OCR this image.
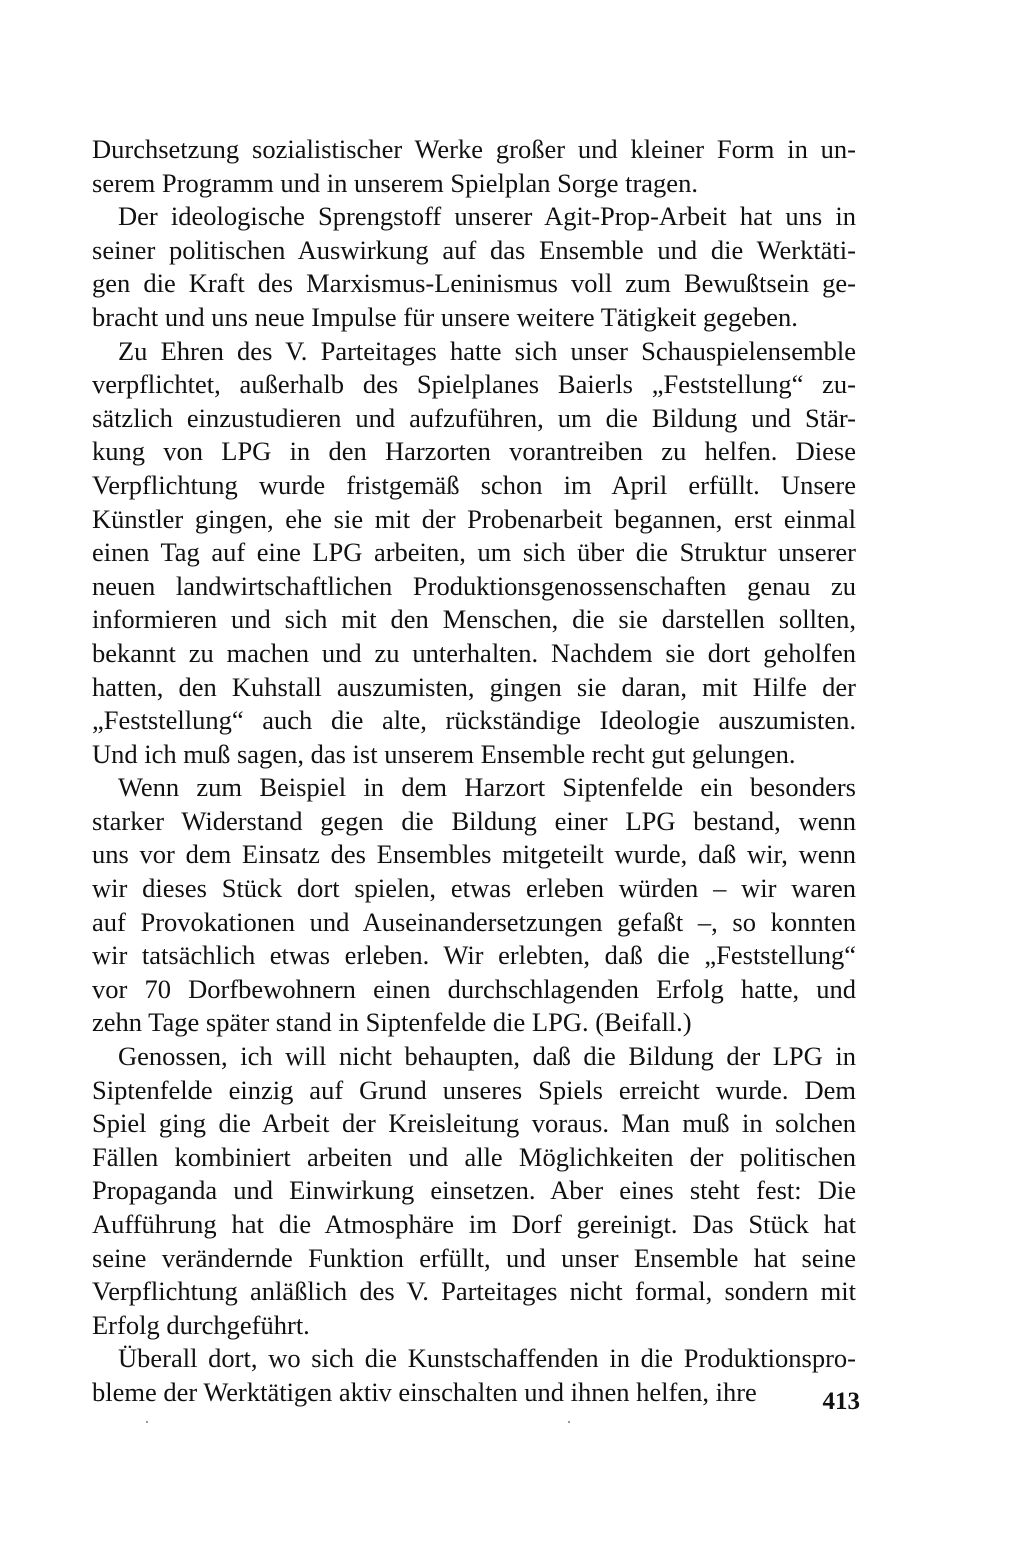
Durchsetzung sozialistischer Werke großer und kleiner Form in un-
serem Programm und in unserem Spielplan Sorge tragen.
Der ideologische Sprengstoff unserer Agit-Prop-Arbeit hat uns in
seiner politischen Auswirkung auf das Ensemble und die Werktäti-
gen die Kraft des Marxismus-Leninismus voll zum Bewußtsein ge-
bracht und uns neue Impulse für unsere weitere Tätigkeit gegeben.
Zu Ehren des V. Parteitages hatte sich unser Schauspielensemble
verpflichtet, außerhalb des Spielplanes Baierls „Feststellung“ zu-
sätzlich einzustudieren und aufzuführen, um die Bildung und Stär-
kung von LPG in den Harzorten vorantreiben zu helfen. Diese
Verpflichtung wurde fristgemäß schon im April erfüllt. Unsere
Künstler gingen, ehe sie mit der Probenarbeit begannen, erst einmal
einen Tag auf eine LPG arbeiten, um sich über die Struktur unserer
neuen landwirtschaftlichen Produktionsgenossenschaften genau zu
informieren und sich mit den Menschen, die sie darstellen sollten,
bekannt zu machen und zu unterhalten. Nachdem sie dort geholfen
hatten, den Kuhstall auszumisten, gingen sie daran, mit Hilfe der
„Feststellung“ auch die alte, rückständige Ideologie auszumisten.
Und ich muß sagen, das ist unserem Ensemble recht gut gelungen.
Wenn zum Beispiel in dem Harzort Siptenfelde ein besonders
starker Widerstand gegen die Bildung einer LPG bestand, wenn
uns vor dem Einsatz des Ensembles mitgeteilt wurde, daß wir, wenn
wir dieses Stück dort spielen, etwas erleben würden – wir waren
auf Provokationen und Auseinandersetzungen gefaßt –, so konnten
wir tatsächlich etwas erleben. Wir erlebten, daß die „Feststellung“
vor 70 Dorfbewohnern einen durchschlagenden Erfolg hatte, und
zehn Tage später stand in Siptenfelde die LPG. (Beifall.)
Genossen, ich will nicht behaupten, daß die Bildung der LPG in
Siptenfelde einzig auf Grund unseres Spiels erreicht wurde. Dem
Spiel ging die Arbeit der Kreisleitung voraus. Man muß in solchen
Fällen kombiniert arbeiten und alle Möglichkeiten der politischen
Propaganda und Einwirkung einsetzen. Aber eines steht fest: Die
Aufführung hat die Atmosphäre im Dorf gereinigt. Das Stück hat
seine verändernde Funktion erfüllt, und unser Ensemble hat seine
Verpflichtung anläßlich des V. Parteitages nicht formal, sondern mit
Erfolg durchgeführt.
Überall dort, wo sich die Kunstschaffenden in die Produktionspro-
bleme der Werktätigen aktiv einschalten und ihnen helfen, ihre	413
